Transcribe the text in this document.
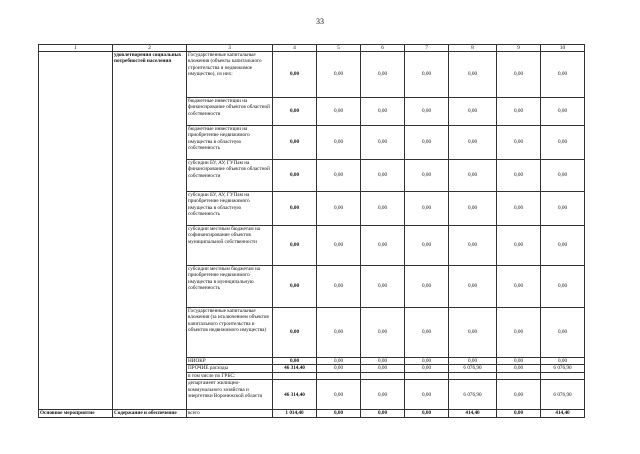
33
1	2	3	4	5	6	7	8	9	10
	удовлетворения социальных потребностей населения	Государственные капитальные вложения (объекты капитального строительства и недвижимое имущество), из них:	0,00	0,00	0,00	0,00	0,00	0,00	0,00
		бюджетные инвестиции на финансирование объектов областной собственности	0,00	0,00	0,00	0,00	0,00	0,00	0,00
		бюджетные инвестиции на приобретение недвижимого имущества в областную собственность	0,00	0,00	0,00	0,00	0,00	0,00	0,00
		субсидии БУ, АУ, ГУПам на финансирование объектов областной собственности	0,00	0,00	0,00	0,00	0,00	0,00	0,00
		субсидии БУ, АУ, ГУПам на приобретение недвижимого имущества в областную собственность	0,00	0,00	0,00	0,00	0,00	0,00	0,00
		субсидии местным бюджетам на софинансирование объектов муниципальной собственности	0,00	0,00	0,00	0,00	0,00	0,00	0,00
		субсидии местным бюджетам на приобретение недвижимого имущества в муниципальную собственность	0,00	0,00	0,00	0,00	0,00	0,00	0,00
		Государственные капитальные вложения (за исключением объектов капитального строительства и объектов недвижимого имущества)	0,00	0,00	0,00	0,00	0,00	0,00	0,00
		НИОКР	0,00	0,00	0,00	0,00	0,00	0,00	0,00
		ПРОЧИЕ расходы	46 314,40	0,00	0,00	0,00	6 076,90	0,00	6 076,90
		в том числе по ГРБС:							
		департамент жилищно-коммунального хозяйства и энергетики Воронежской области	46 314,40	0,00	0,00	0,00	6 076,90	0,00	6 076,90
Основное мероприятие	Содержание и обеспечение	всего	1 014,40	0,00	0,00	0,00	414,40	0,00	414,40
